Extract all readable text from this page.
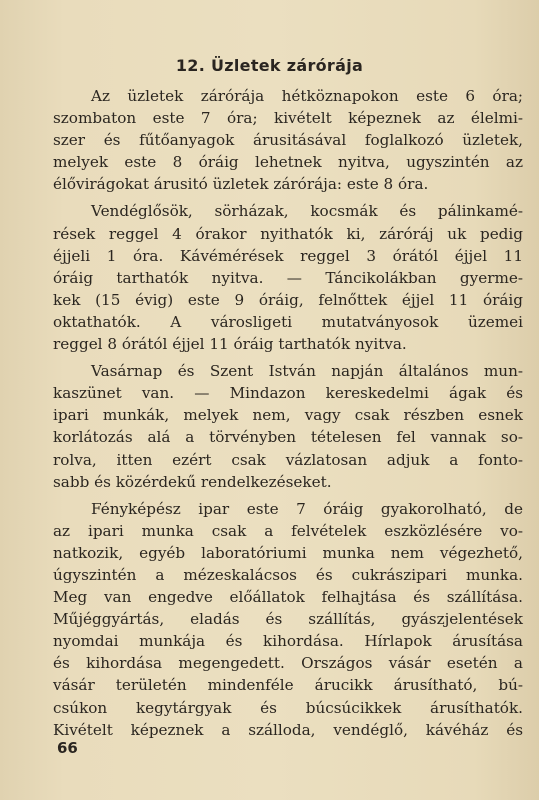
12. Üzletek zárórája

Az üzletek zárórája hétköznapokon este 6 óra;
szombaton este 7 óra; kivételt képeznek az élelmi-
szer és fűtőanyagok árusitásával foglalkozó üzletek,
melyek este 8 óráig lehetnek nyitva, ugyszintén az
élővirágokat árusitó üzletek zárórája: este 8 óra.

Vendéglősök, sörházak, kocsmák és pálinkamé-
rések reggel 4 órakor nyithatók ki, záróráj uk pedig
éjjeli 1 óra. Kávémérések reggel 3 órától éjjel 11
óráig tarthatók nyitva. — Táncikolákban gyerme-
kek (15 évig) este 9 óráig, felnőttek éjjel 11 óráig
oktathatók. A városligeti mutatványosok üzemei
reggel 8 órától éjjel 11 óráig tarthatók nyitva.

Vasárnap és Szent István napján általános mun-
kaszünet van. — Mindazon kereskedelmi ágak és
ipari munkák, melyek nem, vagy csak részben esnek
korlátozás alá a törvényben tételesen fel vannak so-
rolva, itten ezért csak vázlatosan adjuk a fonto-
sabb és közérdekű rendelkezéseket.

Fényképész ipar este 7 óráig gyakorolható, de
az ipari munka csak a felvételek eszközlésére vo-
natkozik, egyéb laboratóriumi munka nem végezhető,
úgyszintén a mézeskalácsos és cukrászipari munka.
Meg van engedve előállatok felhajtása és szállítása.
Műjéggyártás, eladás és szállítás, gyászjelentések
nyomdai munkája és kihordása. Hírlapok árusítása
és kihordása megengedett. Országos vásár esetén a
vásár területén mindenféle árucikk árusítható, bú-
csúkon kegytárgyak és búcsúcikkek árusíthatók.
Kivételt képeznek a szálloda, vendéglő, kávéház és

66
